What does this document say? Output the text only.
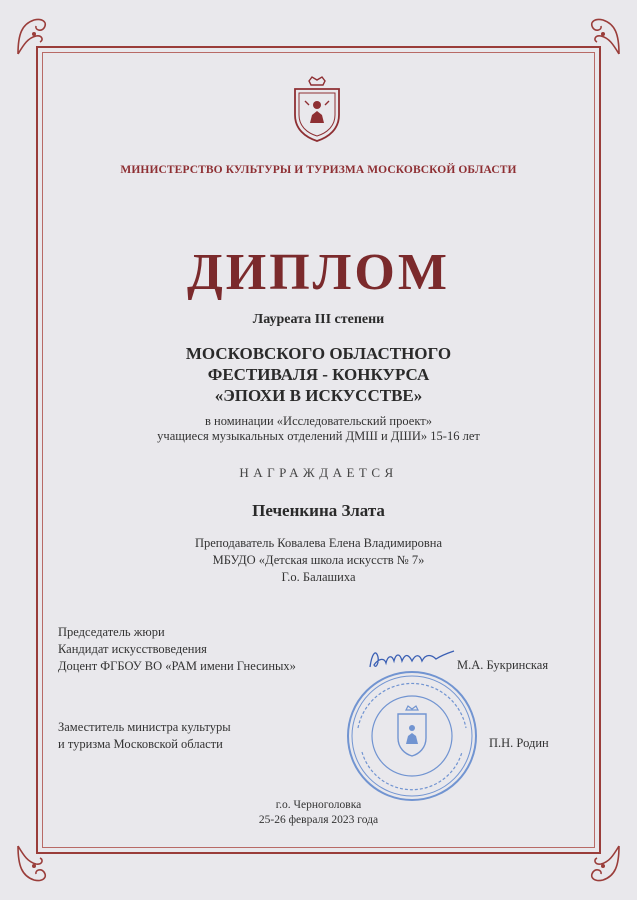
МИНИСТЕРСТВО КУЛЬТУРЫ И ТУРИЗМА МОСКОВСКОЙ ОБЛАСТИ
ДИПЛОМ
Лауреата III степени
МОСКОВСКОГО ОБЛАСТНОГО
ФЕСТИВАЛЯ - КОНКУРСА
«ЭПОХИ В ИСКУССТВЕ»
в номинации «Исследовательский проект»
учащиеся музыкальных отделений ДМШ и ДШИ» 15-16 лет
НАГРАЖДАЕТСЯ
Печенкина Злата
Преподаватель Ковалева Елена Владимировна
МБУДО «Детская школа искусств № 7»
Г.о. Балашиха
Председатель жюри
Кандидат искусствоведения
Доцент ФГБОУ ВО «РАМ имени Гнесиных»	М.А. Букринская
Заместитель министра культуры
и туризма Московской области	П.Н. Родин
г.о. Черноголовка
25-26 февраля 2023 года
